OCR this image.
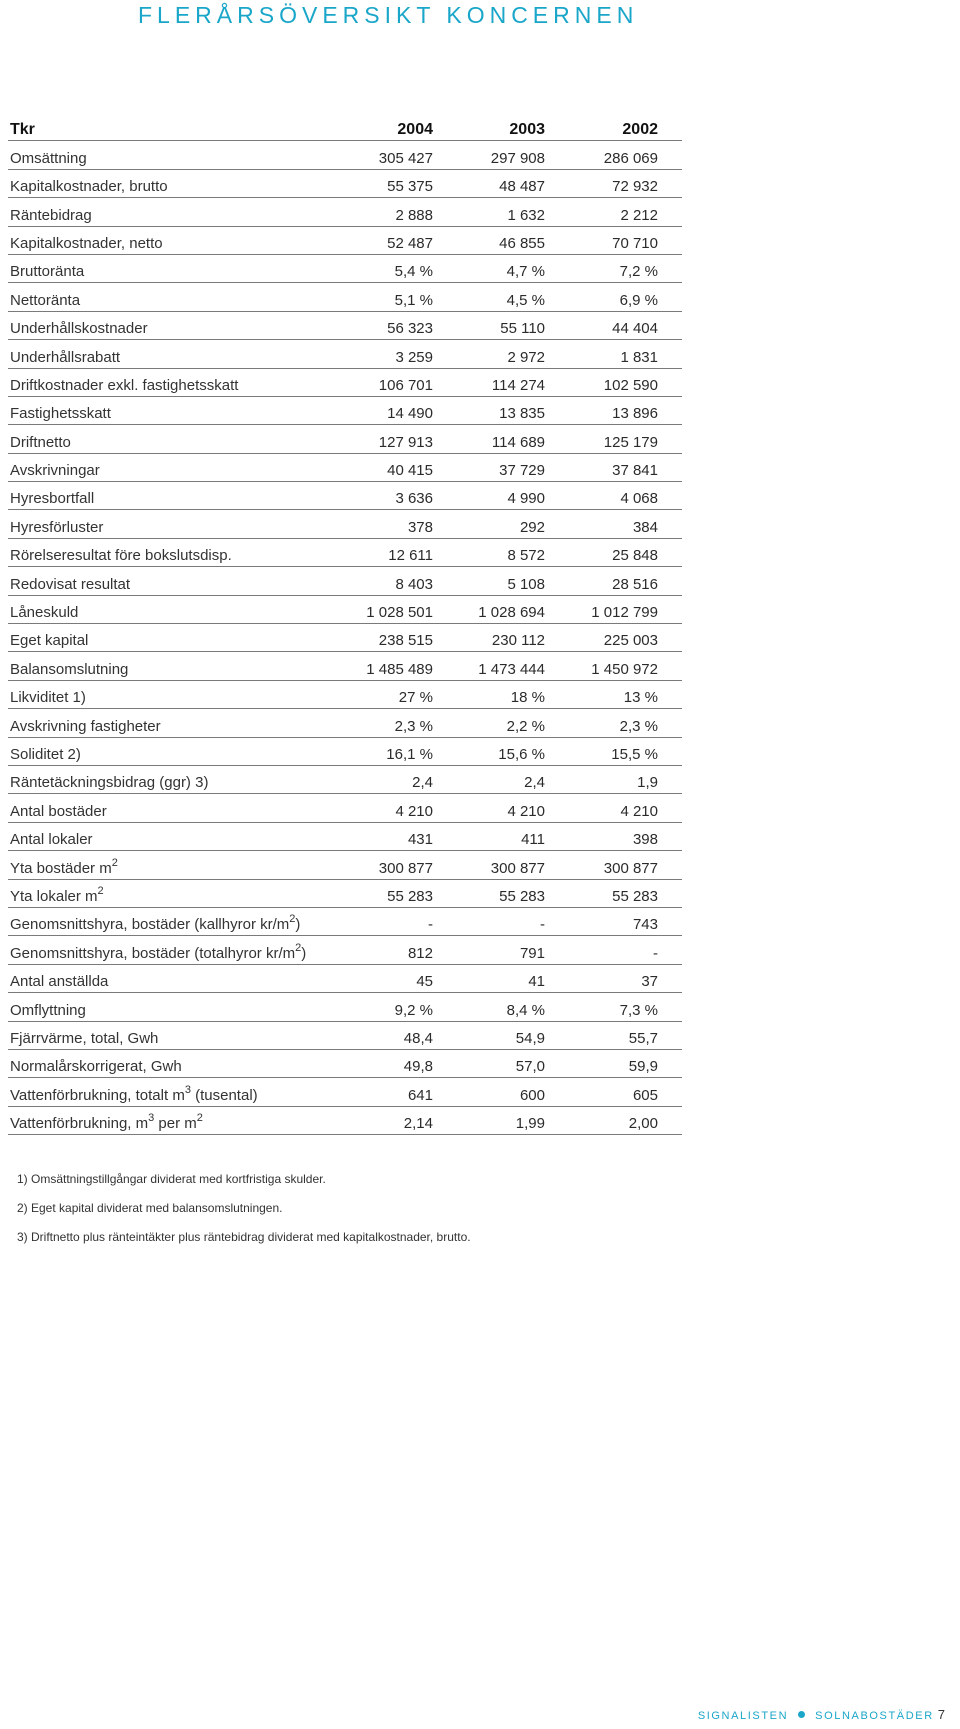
FLERÅRSÖVERSIKT KONCERNEN
Tkr	2004	2003	2002
Omsättning	305 427	297 908	286 069
Kapitalkostnader, brutto	55 375	48 487	72 932
Räntebidrag	2 888	1 632	2 212
Kapitalkostnader, netto	52 487	46 855	70 710
Bruttoränta	5,4 %	4,7 %	7,2 %
Nettoränta	5,1 %	4,5 %	6,9 %
Underhållskostnader	56 323	55 110	44 404
Underhållsrabatt	3 259	2 972	1 831
Driftkostnader exkl. fastighetsskatt	106 701	114 274	102 590
Fastighetsskatt	14 490	13 835	13 896
Driftnetto	127 913	114 689	125 179
Avskrivningar	40 415	37 729	37 841
Hyresbortfall	3 636	4 990	4 068
Hyresförluster	378	292	384
Rörelseresultat före bokslutsdisp.	12 611	8 572	25 848
Redovisat resultat	8 403	5 108	28 516
Låneskuld	1 028 501	1 028 694	1 012 799
Eget kapital	238 515	230 112	225 003
Balansomslutning	1 485 489	1 473 444	1 450 972
Likviditet 1)	27 %	18 %	13 %
Avskrivning fastigheter	2,3 %	2,2 %	2,3 %
Soliditet 2)	16,1 %	15,6 %	15,5 %
Räntetäckningsbidrag (ggr) 3)	2,4	2,4	1,9
Antal bostäder	4 210	4 210	4 210
Antal lokaler	431	411	398
Yta bostäder $m^2$	300 877	300 877	300 877
Yta lokaler $m^2$	55 283	55 283	55 283
Genomsnittshyra, bostäder (kallhyror $kr/m^2$)	-	-	743
Genomsnittshyra, bostäder (totalhyror $kr/m^2$)	812	791	-
Antal anställda	45	41	37
Omflyttning	9,2 %	8,4 %	7,3 %
Fjärrvärme, total, Gwh	48,4	54,9	55,7
Normalårskorrigerat, Gwh	49,8	57,0	59,9
Vattenförbrukning, totalt $m^3$ (tusental)	641	600	605
Vattenförbrukning, $m^3$ per $m^2$	2,14	1,99	2,00
1) Omsättningstillgångar dividerat med kortfristiga skulder.
2) Eget kapital dividerat med balansomslutningen.
3) Driftnetto plus ränteintäkter plus räntebidrag dividerat med kapitalkostnader, brutto.
SIGNALISTEN SOLNABOSTÄDER 7
